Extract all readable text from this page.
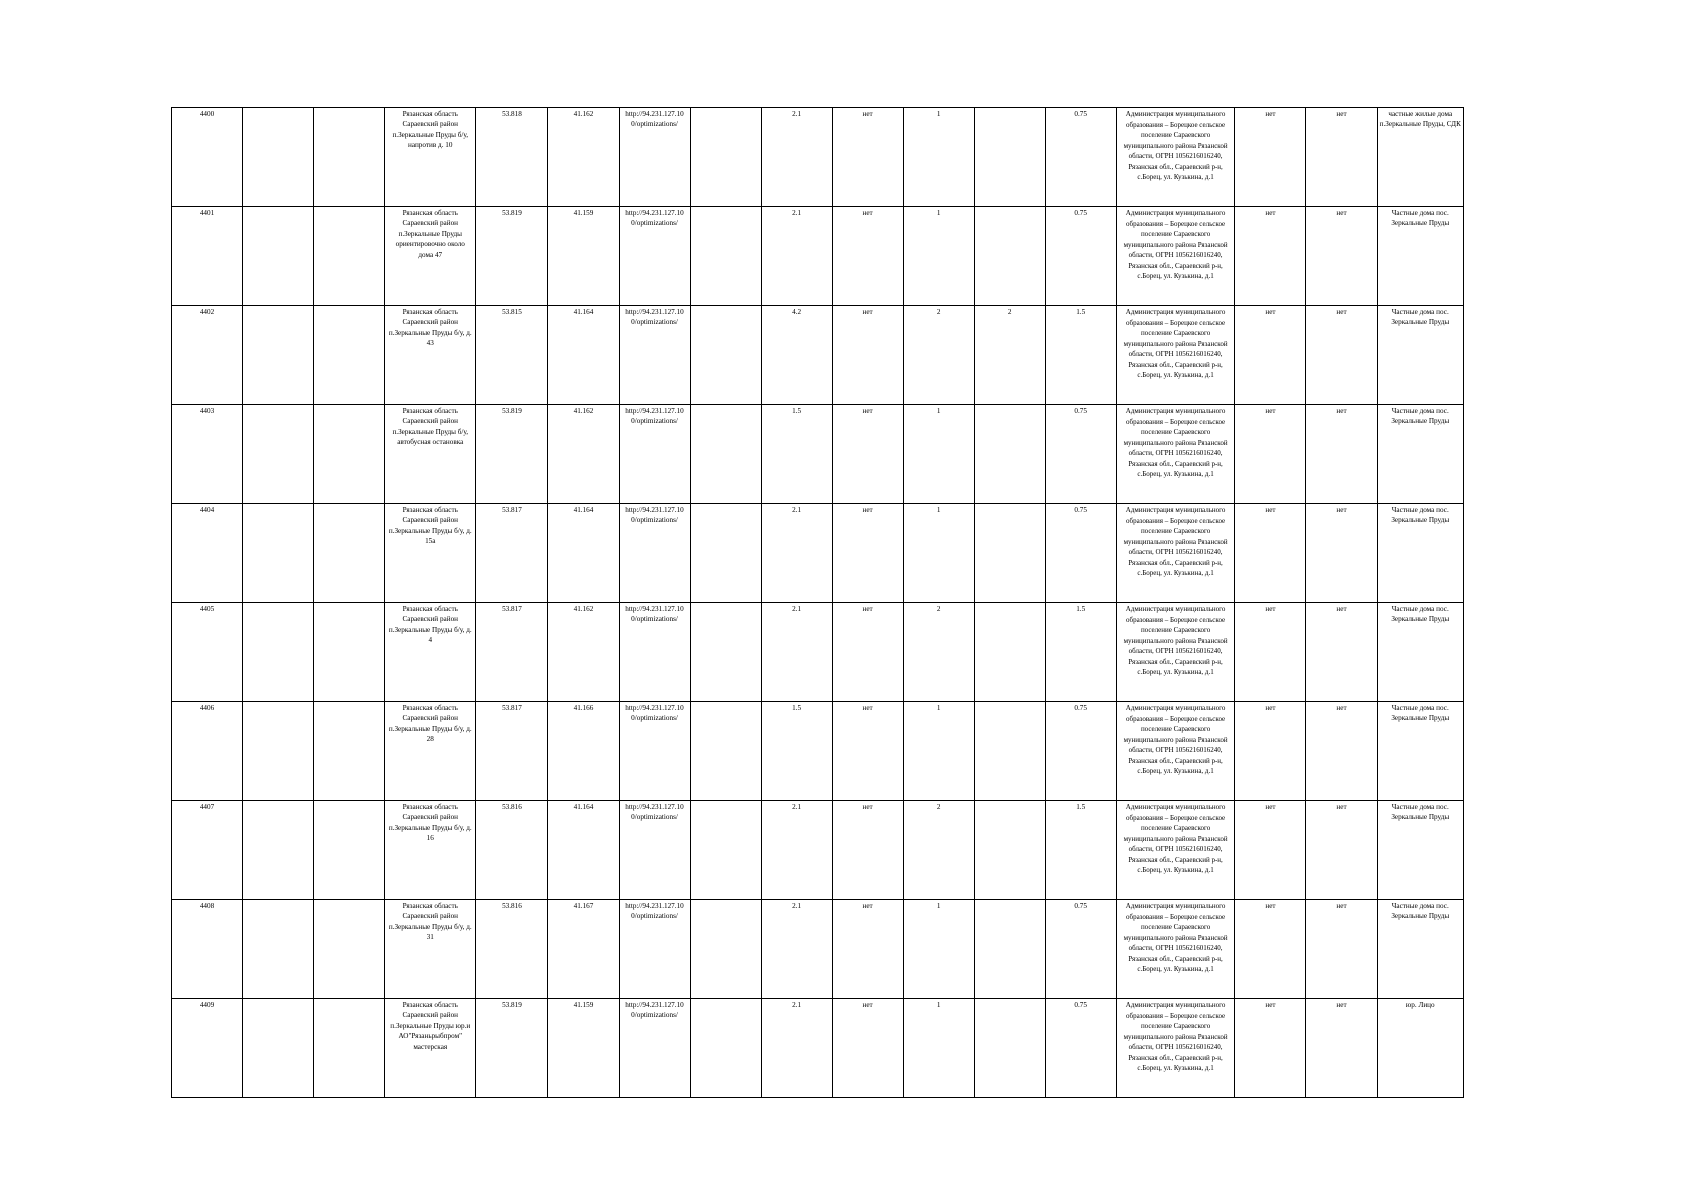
4400			Рязанская область Сараевский район п.Зеркальные Пруды б/у, напротив д. 10	53.818	41.162	http://94.231.127.10 0/optimizations/		2.1	нет	1		0.75	Администрация муниципального образования – Борецкое сельское поселение Сараевского муниципального района Рязанской области, ОГРН 1056216016240, Рязанская обл., Сараевский р-н, с.Борец, ул. Кузькина, д.1	нет	нет	частные жилые дома п.Зеркальные Пруды, СДК
4401			Рязанская область Сараевский район п.Зеркальные Пруды ориентировочно около дома 47	53.819	41.159	http://94.231.127.10 0/optimizations/		2.1	нет	1		0.75	Администрация муниципального образования – Борецкое сельское поселение Сараевского муниципального района Рязанской области, ОГРН 1056216016240, Рязанская обл., Сараевский р-н, с.Борец, ул. Кузькина, д.1	нет	нет	Частные дома пос. Зеркальные Пруды
4402			Рязанская область Сараевский район п.Зеркальные Пруды б/у, д. 43	53.815	41.164	http://94.231.127.10 0/optimizations/		4.2	нет	2	2	1.5	Администрация муниципального образования – Борецкое сельское поселение Сараевского муниципального района Рязанской области, ОГРН 1056216016240, Рязанская обл., Сараевский р-н, с.Борец, ул. Кузькина, д.1	нет	нет	Частные дома пос. Зеркальные Пруды
4403			Рязанская область Сараевский район п.Зеркальные Пруды б/у, автобусная остановка	53.819	41.162	http://94.231.127.10 0/optimizations/		1.5	нет	1		0.75	Администрация муниципального образования – Борецкое сельское поселение Сараевского муниципального района Рязанской области, ОГРН 1056216016240, Рязанская обл., Сараевский р-н, с.Борец, ул. Кузькина, д.1	нет	нет	Частные дома пос. Зеркальные Пруды
4404			Рязанская область Сараевский район п.Зеркальные Пруды б/у, д. 15а	53.817	41.164	http://94.231.127.10 0/optimizations/		2.1	нет	1		0.75	Администрация муниципального образования – Борецкое сельское поселение Сараевского муниципального района Рязанской области, ОГРН 1056216016240, Рязанская обл., Сараевский р-н, с.Борец, ул. Кузькина, д.1	нет	нет	Частные дома пос. Зеркальные Пруды
4405			Рязанская область Сараевский район п.Зеркальные Пруды б/у, д. 4	53.817	41.162	http://94.231.127.10 0/optimizations/		2.1	нет	2		1.5	Администрация муниципального образования – Борецкое сельское поселение Сараевского муниципального района Рязанской области, ОГРН 1056216016240, Рязанская обл., Сараевский р-н, с.Борец, ул. Кузькина, д.1	нет	нет	Частные дома пос. Зеркальные Пруды
4406			Рязанская область Сараевский район п.Зеркальные Пруды б/у, д. 28	53.817	41.166	http://94.231.127.10 0/optimizations/		1.5	нет	1		0.75	Администрация муниципального образования – Борецкое сельское поселение Сараевского муниципального района Рязанской области, ОГРН 1056216016240, Рязанская обл., Сараевский р-н, с.Борец, ул. Кузькина, д.1	нет	нет	Частные дома пос. Зеркальные Пруды
4407			Рязанская область Сараевский район п.Зеркальные Пруды б/у, д. 16	53.816	41.164	http://94.231.127.10 0/optimizations/		2.1	нет	2		1.5	Администрация муниципального образования – Борецкое сельское поселение Сараевского муниципального района Рязанской области, ОГРН 1056216016240, Рязанская обл., Сараевский р-н, с.Борец, ул. Кузькина, д.1	нет	нет	Частные дома пос. Зеркальные Пруды
4408			Рязанская область Сараевский район п.Зеркальные Пруды б/у, д. 31	53.816	41.167	http://94.231.127.10 0/optimizations/		2.1	нет	1		0.75	Администрация муниципального образования – Борецкое сельское поселение Сараевского муниципального района Рязанской области, ОГРН 1056216016240, Рязанская обл., Сараевский р-н, с.Борец, ул. Кузькина, д.1	нет	нет	Частные дома пос. Зеркальные Пруды
4409			Рязанская область Сараевский район п.Зеркальные Пруды юр.и АО"Рязаньрыбпром" мастерская	53.819	41.159	http://94.231.127.10 0/optimizations/		2.1	нет	1		0.75	Администрация муниципального образования – Борецкое сельское поселение Сараевского муниципального района Рязанской области, ОГРН 1056216016240, Рязанская обл., Сараевский р-н, с.Борец, ул. Кузькина, д.1	нет	нет	юр. Лицо
